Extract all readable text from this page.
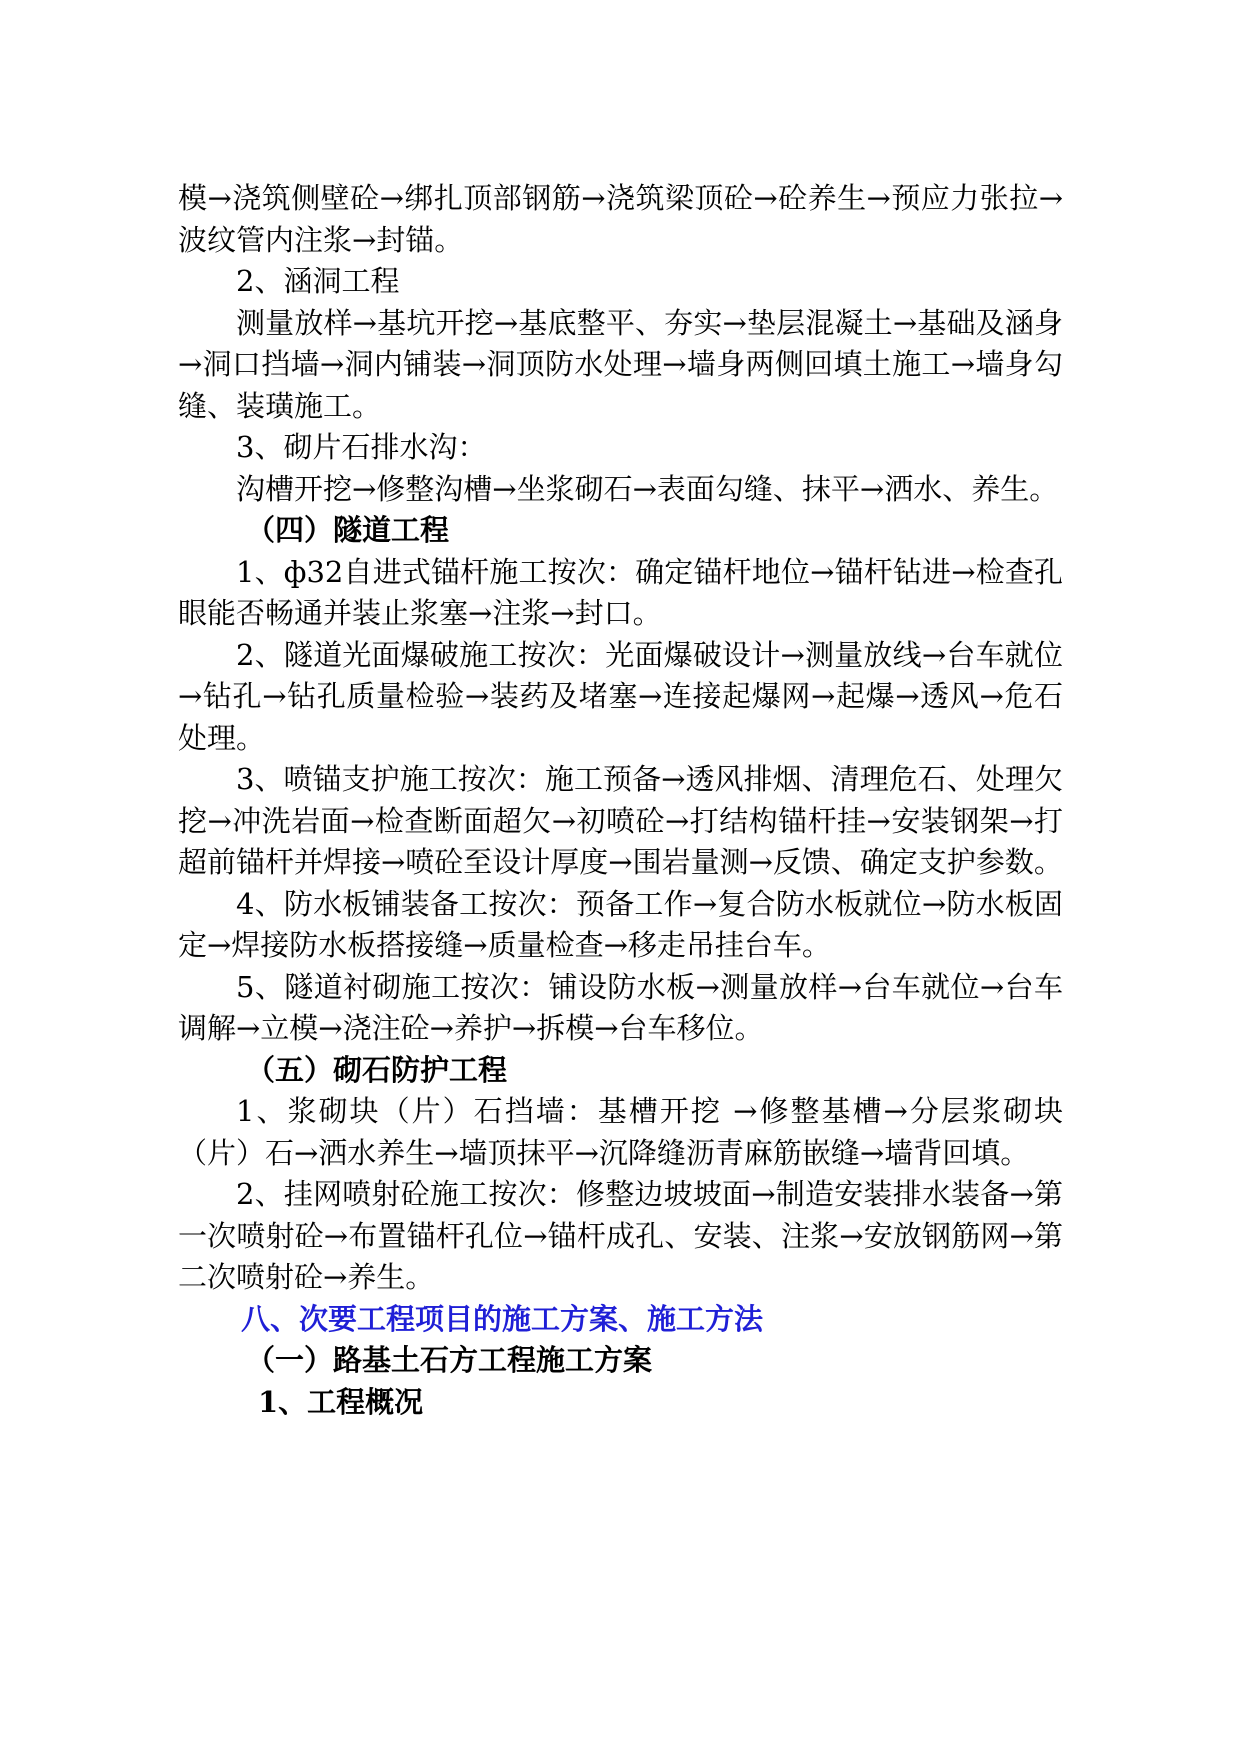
模→浇筑侧壁砼→绑扎顶部钢筋→浇筑梁顶砼→砼养生→预应力张拉→波纹管内注浆→封锚。

2、涵洞工程

测量放样→基坑开挖→基底整平、夯实→垫层混凝土→基础及涵身→洞口挡墙→洞内铺装→洞顶防水处理→墙身两侧回填土施工→墙身勾缝、装璜施工。

3、砌片石排水沟：

沟槽开挖→修整沟槽→坐浆砌石→表面勾缝、抹平→洒水、养生。

（四）隧道工程

1、ф32自进式锚杆施工按次：确定锚杆地位→锚杆钻进→检查孔眼能否畅通并装止浆塞→注浆→封口。

2、隧道光面爆破施工按次：光面爆破设计→测量放线→台车就位→钻孔→钻孔质量检验→装药及堵塞→连接起爆网→起爆→透风→危石处理。

3、喷锚支护施工按次：施工预备→透风排烟、清理危石、处理欠挖→冲洗岩面→检查断面超欠→初喷砼→打结构锚杆挂→安装钢架→打超前锚杆并焊接→喷砼至设计厚度→围岩量测→反馈、确定支护参数。

4、防水板铺装备工按次：预备工作→复合防水板就位→防水板固定→焊接防水板搭接缝→质量检查→移走吊挂台车。

5、隧道衬砌施工按次：铺设防水板→测量放样→台车就位→台车调解→立模→浇注砼→养护→拆模→台车移位。

（五）砌石防护工程

1、浆砌块（片）石挡墙：基槽开挖 →修整基槽→分层浆砌块（片）石→洒水养生→墙顶抹平→沉降缝沥青麻筋嵌缝→墙背回填。

2、挂网喷射砼施工按次：修整边坡坡面→制造安装排水装备→第一次喷射砼→布置锚杆孔位→锚杆成孔、安装、注浆→安放钢筋网→第二次喷射砼→养生。

八、次要工程项目的施工方案、施工方法

（一）路基土石方工程施工方案

1、工程概况
